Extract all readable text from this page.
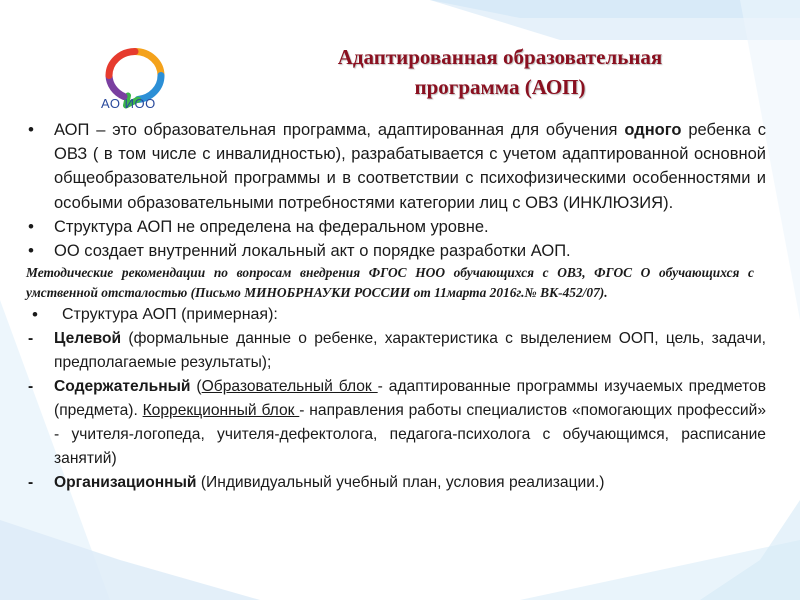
АО ИОО
Адаптированная образовательная
программа (АОП)
• АОП – это образовательная программа, адаптированная для обучения одного ребенка с ОВЗ ( в том числе с инвалидностью), разрабатывается с учетом адаптированной основной общеобразовательной программы и в соответствии с психофизическими особенностями и особыми образовательными потребностями категории лиц с ОВЗ (ИНКЛЮЗИЯ).
• Структура АОП не определена на федеральном уровне.
• ОО создает внутренний локальный акт о порядке разработки АОП.
Методические рекомендации по вопросам внедрения ФГОС НОО обучающихся с ОВЗ, ФГОС О обучающихся с умственной отсталостью (Письмо МИНОБРНАУКИ РОССИИ от 11марта 2016г.№ ВК-452/07).
• Структура АОП (примерная):
- Целевой (формальные данные о ребенке, характеристика с выделением ООП, цель, задачи, предполагаемые результаты);
- Содержательный (Образовательный блок - адаптированные программы изучаемых предметов (предмета). Коррекционный блок - направления работы специалистов «помогающих профессий» - учителя-логопеда, учителя-дефектолога, педагога-психолога с обучающимся, расписание занятий)
- Организационный (Индивидуальный учебный план, условия реализации.)
